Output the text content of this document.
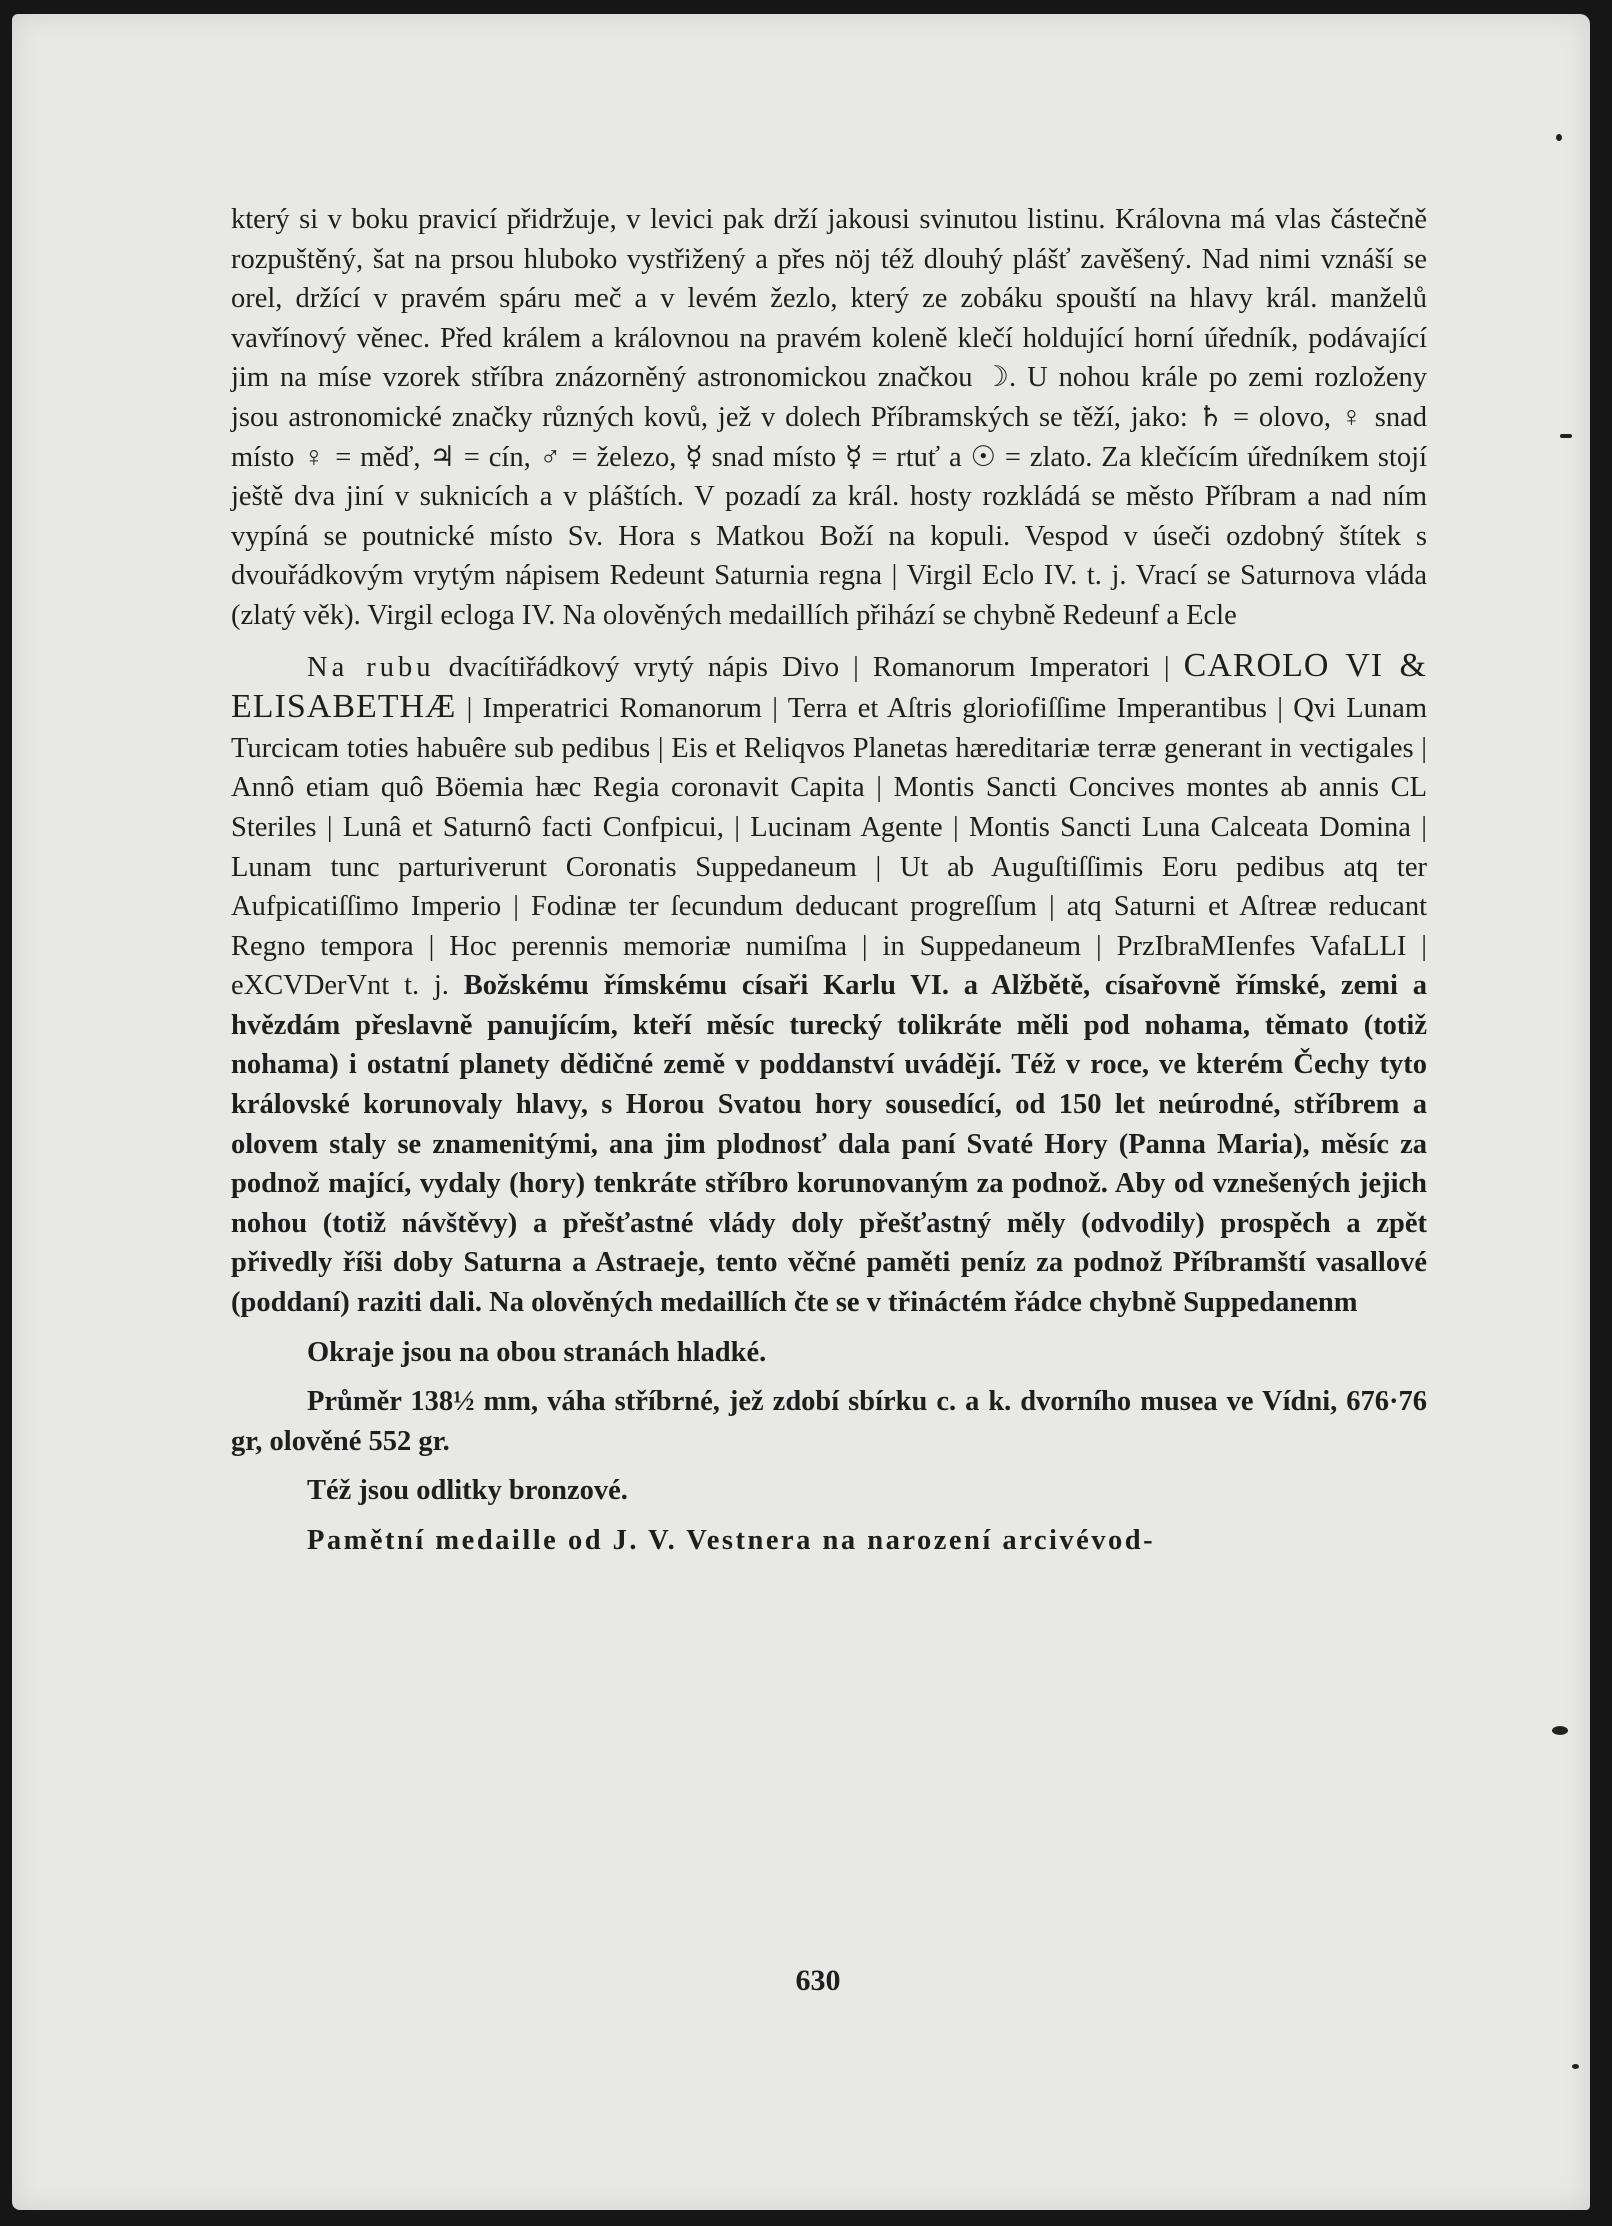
který si v boku pravicí přidržuje, v levici pak drží jakousi svinutou listinu. Královna má vlas částečně rozpuštěný, šat na prsou hluboko vystřižený a přes nöj též dlouhý plášť zavěšený. Nad nimi vznáší se orel, držící v pravém spáru meč a v levém žezlo, který ze zobáku spouští na hlavy král. manželů vavřínový věnec. Před králem a královnou na pravém koleně klečí holdující horní úředník, podávající jim na míse vzorek stříbra znázorněný astronomickou značkou ☽. U nohou krále po zemi rozloženy jsou astronomické značky různých kovů, jež v dolech Příbramských se těží, jako: ♄ = olovo, ♀ snad místo ♀ = měď, ♃ = cín, ♂ = železo, ☿ snad místo ☿ = rtuť a ☉ = zlato. Za klečícím úředníkem stojí ještě dva jiní v suknicích a v pláštích. V pozadí za král. hosty rozkládá se město Příbram a nad ním vypíná se poutnické místo Sv. Hora s Matkou Boží na kopuli. Vespod v úseči ozdobný štítek s dvouřádkovým vrytým nápisem Redeunt Saturnia regna | Virgil Eclo IV. t. j. Vrací se Saturnova vláda (zlatý věk). Virgil ecloga IV. Na olověných medaillích přihází se chybně Redeunf a Ecle

Na rubu dvacítiřádkový vrytý nápis Divo | Romanorum Imperatori | CAROLO VI & ELISABETHÆ | Imperatrici Romanorum | Terra et Aſtris gloriofiſſime Imperantibus | Qvi Lunam Turcicam toties habuêre sub pedibus | Eis et Reliqvos Planetas hæreditariæ terræ generant in vectigales | Annô etiam quô Böemia hæc Regia coronavit Capita | Montis Sancti Concives montes ab annis CL Steriles | Lunâ et Saturnô facti Confpicui, | Lucinam Agente | Montis Sancti Luna Calceata Domina | Lunam tunc parturiverunt Coronatis Suppedaneum | Ut ab Auguſtiſſimis Eoru pedibus atq ter Aufpicatiſſimo Imperio | Fodinæ ter ſecundum deducant progreſſum | atq Saturni et Aſtreæ reducant Regno tempora | Hoc perennis memoriæ numiſma | in Suppedaneum | PrzIbraMIenfes VafaLLI | eXCVDerVnt t. j. Božskému římskému císaři Karlu VI. a Alžbětě, císařovně římské, zemi a hvězdám přeslavně panujícím, kteří měsíc turecký tolikráte měli pod nohama, těmato (totiž nohama) i ostatní planety dědičné země v poddanství uvádějí. Též v roce, ve kterém Čechy tyto královské korunovaly hlavy, s Horou Svatou hory sousedící, od 150 let neúrodné, stříbrem a olovem staly se znamenitými, ana jim plodnosť dala paní Svaté Hory (Panna Maria), měsíc za podnož mající, vydaly (hory) tenkráte stříbro korunovaným za podnož. Aby od vznešených jejich nohou (totiž návštěvy) a přešťastné vlády doly přešťastný měly (odvodily) prospěch a zpět přivedly říši doby Saturna a Astraeje, tento věčné paměti peníz za podnož Příbramští vasallové (poddaní) raziti dali. Na olověných medaillích čte se v třináctém řádce chybně Suppedanenm

Okraje jsou na obou stranách hladké.

Průměr 138½ mm, váha stříbrné, jež zdobí sbírku c. a k. dvorního musea ve Vídni, 676·76 gr, olověné 552 gr.

Též jsou odlitky bronzové.

Pamětní medaille od J. V. Vestnera na narození arcivévod-

630
